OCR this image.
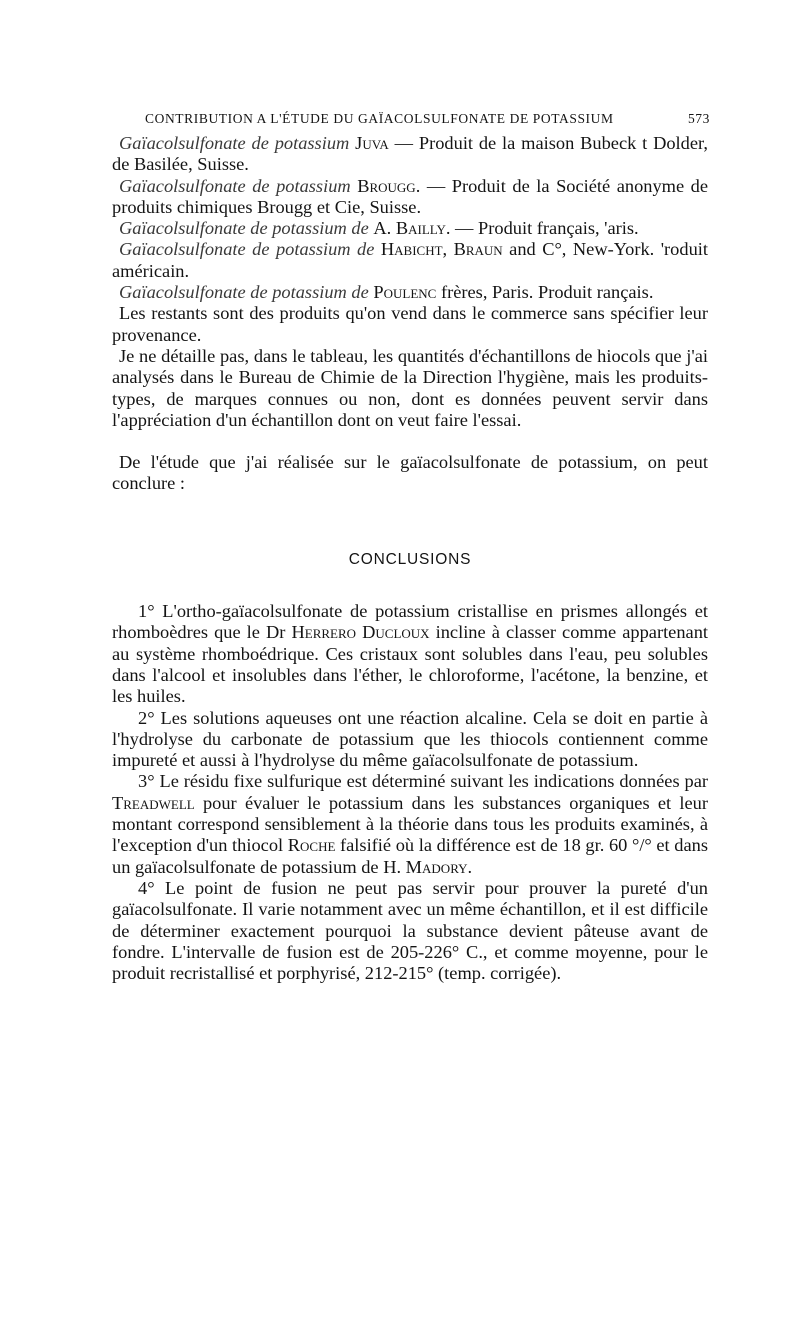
CONTRIBUTION A L'ÉTUDE DU GAÏACOLSULFONATE DE POTASSIUM	573

Gaïacolsulfonate de potassium Juva — Produit de la maison Bubeck t Dolder, de Basilée, Suisse.

Gaïacolsulfonate de potassium Brougg. — Produit de la Société anonyme de produits chimiques Brougg et Cie, Suisse.

Gaïacolsulfonate de potassium de A. Bailly. — Produit français, 'aris.

Gaïacolsulfonate de potassium de Habicht, Braun and C°, New-York. 'roduit américain.

Gaïacolsulfonate de potassium de Poulenc frères, Paris. Produit rançais.

Les restants sont des produits qu'on vend dans le commerce sans spécifier leur provenance.

Je ne détaille pas, dans le tableau, les quantités d'échantillons de hiocols que j'ai analysés dans le Bureau de Chimie de la Direction l'hygiène, mais les produits-types, de marques connues ou non, dont es données peuvent servir dans l'appréciation d'un échantillon dont on veut faire l'essai.

De l'étude que j'ai réalisée sur le gaïacolsulfonate de potassium, on peut conclure :

CONCLUSIONS

1° L'ortho-gaïacolsulfonate de potassium cristallise en prismes allongés et rhomboèdres que le Dr Herrero Ducloux incline à classer comme appartenant au système rhomboédrique. Ces cristaux sont solubles dans l'eau, peu solubles dans l'alcool et insolubles dans l'éther, le chloroforme, l'acétone, la benzine, et les huiles.

2° Les solutions aqueuses ont une réaction alcaline. Cela se doit en partie à l'hydrolyse du carbonate de potassium que les thiocols contiennent comme impureté et aussi à l'hydrolyse du même gaïacolsulfonate de potassium.

3° Le résidu fixe sulfurique est déterminé suivant les indications données par Treadwell pour évaluer le potassium dans les substances organiques et leur montant correspond sensiblement à la théorie dans tous les produits examinés, à l'exception d'un thiocol Roche falsifié où la différence est de 18 gr. 60 °/° et dans un gaïacolsulfonate de potassium de H. Madory.

4° Le point de fusion ne peut pas servir pour prouver la pureté d'un gaïacolsulfonate. Il varie notamment avec un même échantillon, et il est difficile de déterminer exactement pourquoi la substance devient pâteuse avant de fondre. L'intervalle de fusion est de 205-226° C., et comme moyenne, pour le produit recristallisé et porphyrisé, 212-215° (temp. corrigée).
